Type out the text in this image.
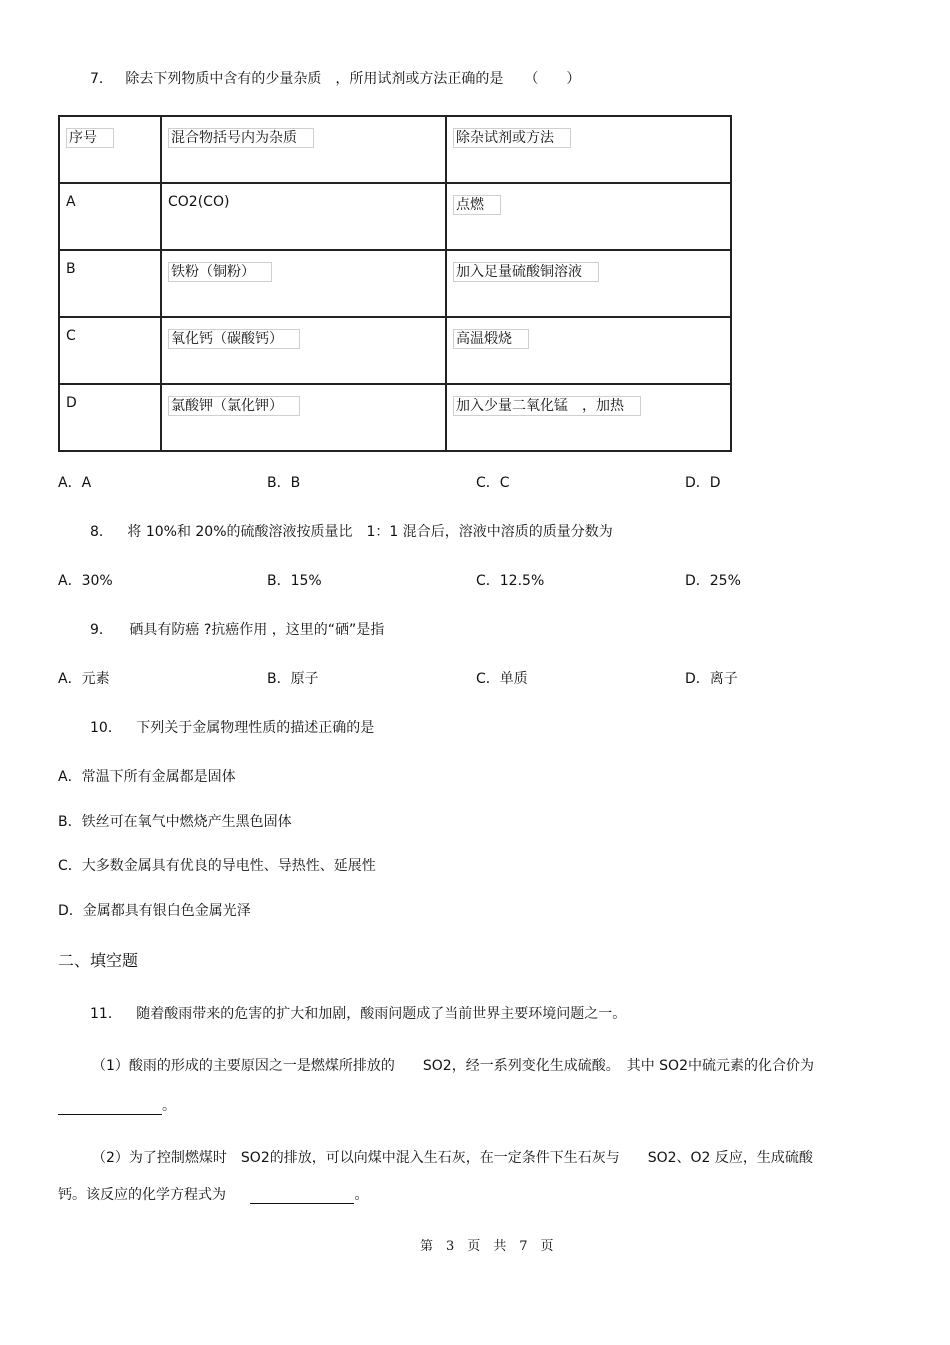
7． 除去下列物质中含有的少量杂质　，所用试剂或方法正确的是　　（　　）
序号	混合物括号内为杂质	除杂试剂或方法
A	CO2(CO)	点燃
B	铁粉（铜粉）	加入足量硫酸铜溶液
C	氧化钙（碳酸钙）	高温煅烧
D	氯酸钾（氯化钾）	加入少量二氧化锰　，加热
A．A	B．B	C．C	D．D
8． 将 10%和 20%的硫酸溶液按质量比　1：1 混合后，溶液中溶质的质量分数为
A．30%	B．15%	C．12.5%	D．25%
9． 硒具有防癌 ?抗癌作用 ，这里的“硒”是指
A．元素	B．原子	C．单质	D．离子
10． 下列关于金属物理性质的描述正确的是
A．常温下所有金属都是固体
B．铁丝可在氧气中燃烧产生黑色固体
C．大多数金属具有优良的导电性、导热性、延展性
D．金属都具有银白色金属光泽
二、填空题
11． 随着酸雨带来的危害的扩大和加剧，酸雨问题成了当前世界主要环境问题之一。
（1）酸雨的形成的主要原因之一是燃煤所排放的　　SO2，经一系列变化生成硫酸。　其中 SO2中硫元素的化合价为
。
（2）为了控制燃煤时　SO2的排放，可以向煤中混入生石灰，在一定条件下生石灰与　　SO2、O2 反应，生成硫酸
钙。该反应的化学方程式为	。
第　3　页　共　7　页
